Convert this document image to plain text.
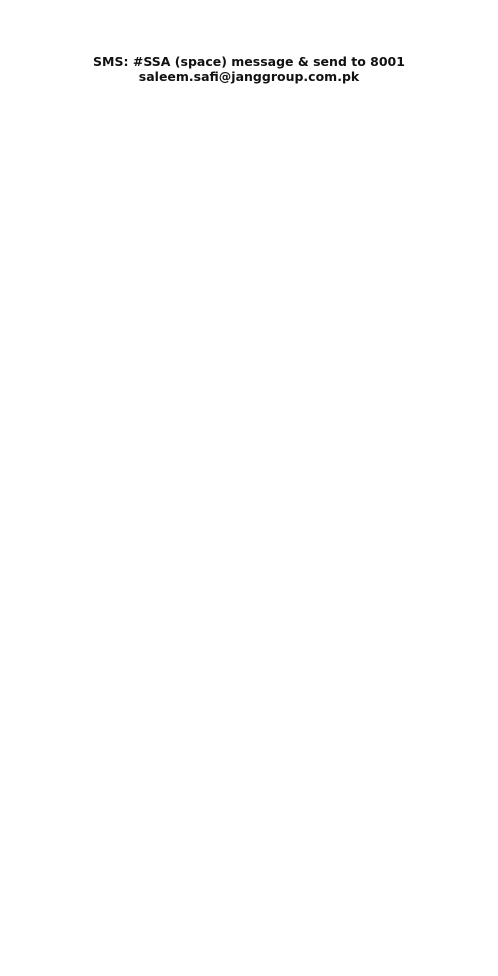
SMS: #SSA (space) message & send to 8001
saleem.safi@janggroup.com.pk
